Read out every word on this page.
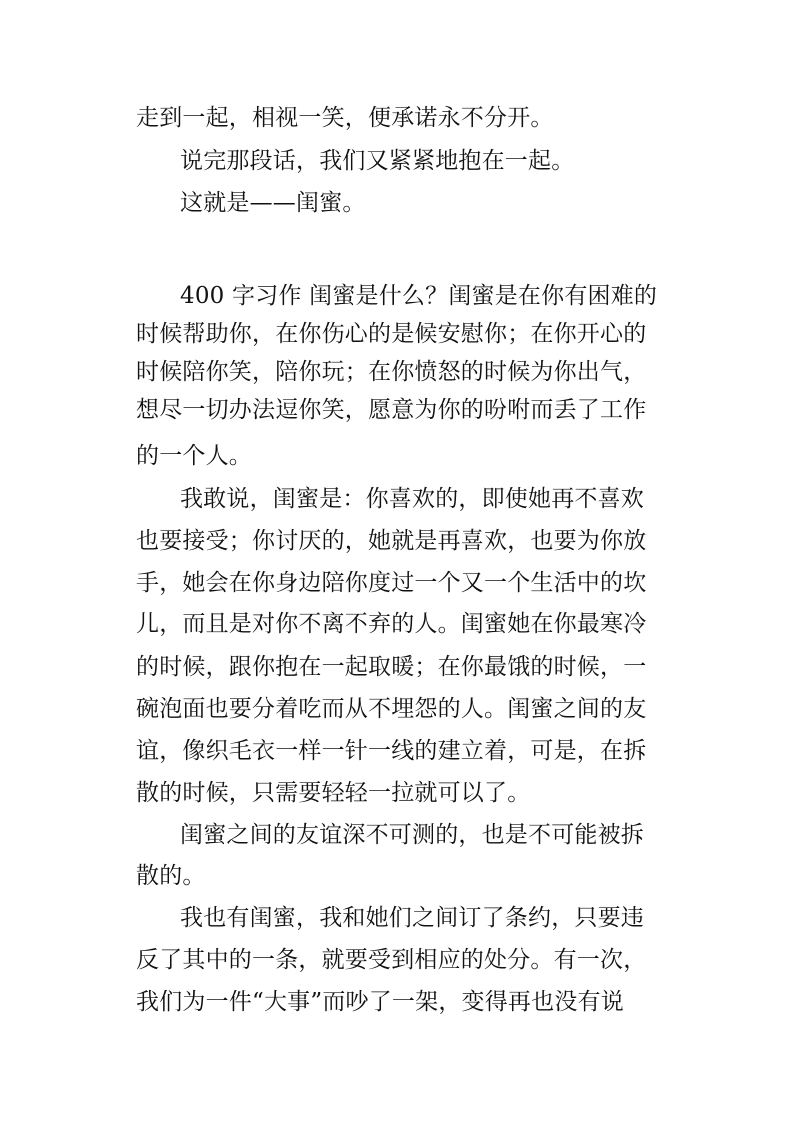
走到一起，相视一笑，便承诺永不分开。
说完那段话，我们又紧紧地抱在一起。
这就是——闺蜜。
400 字习作 闺蜜是什么？闺蜜是在你有困难的
时候帮助你，在你伤心的是候安慰你；在你开心的
时候陪你笑，陪你玩；在你愤怒的时候为你出气，
想尽一切办法逗你笑，愿意为你的吩咐而丢了工作
的一个人。
我敢说，闺蜜是：你喜欢的，即使她再不喜欢
也要接受；你讨厌的，她就是再喜欢，也要为你放
手，她会在你身边陪你度过一个又一个生活中的坎
儿，而且是对你不离不弃的人。闺蜜她在你最寒冷
的时候，跟你抱在一起取暖；在你最饿的时候，一
碗泡面也要分着吃而从不埋怨的人。闺蜜之间的友
谊，像织毛衣一样一针一线的建立着，可是，在拆
散的时候，只需要轻轻一拉就可以了。
闺蜜之间的友谊深不可测的，也是不可能被拆
散的。
我也有闺蜜，我和她们之间订了条约，只要违
反了其中的一条，就要受到相应的处分。有一次，
我们为一件“大事”而吵了一架，变得再也没有说
